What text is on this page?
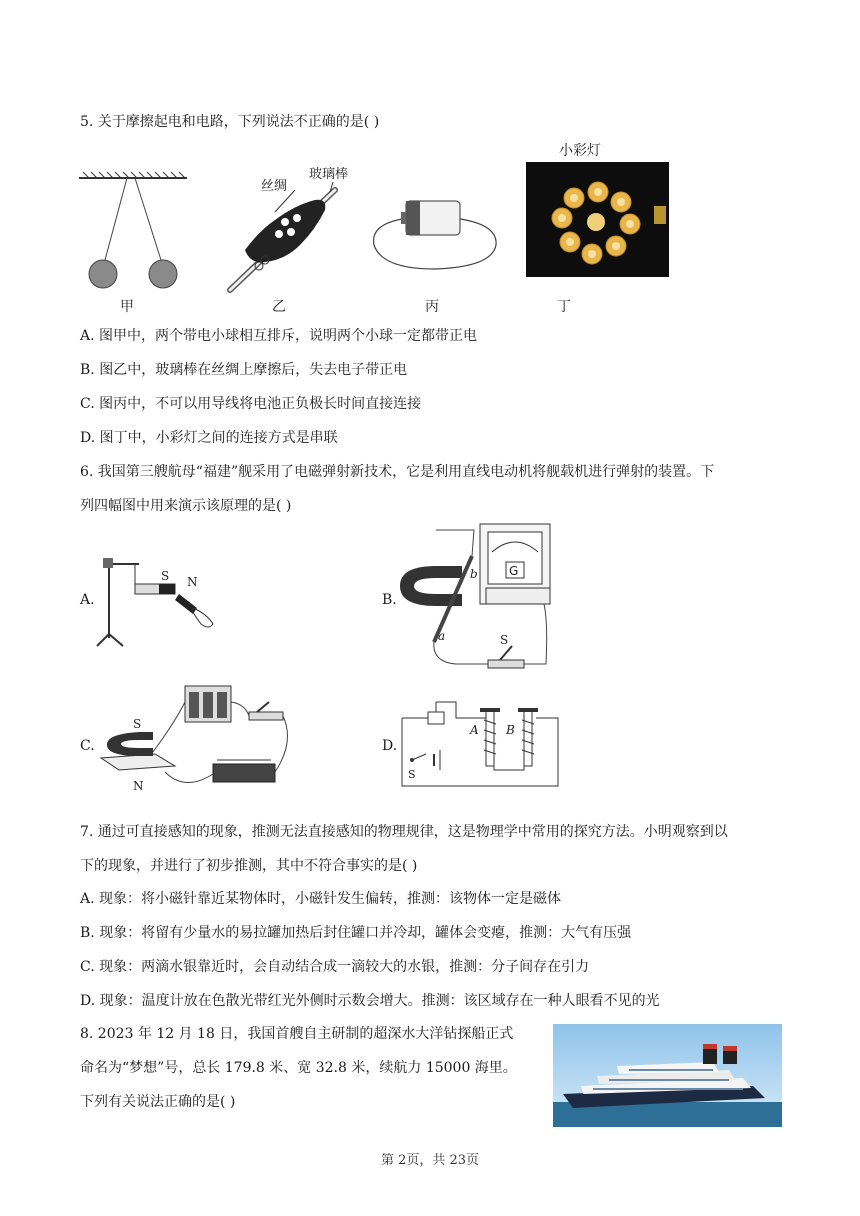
5. 关于摩擦起电和电路，下列说法不正确的是( )
甲
丝绸
玻璃棒
乙	丙
小彩灯
丁
A. 图甲中，两个带电小球相互排斥，说明两个小球一定都带正电
B. 图乙中，玻璃棒在丝绸上摩擦后，失去电子带正电
C. 图丙中，不可以用导线将电池正负极长时间直接连接
D. 图丁中，小彩灯之间的连接方式是串联
6. 我国第三艘航母“福建”舰采用了电磁弹射新技术，它是利用直线电动机将舰载机进行弹射的装置。下
列四幅图中用来演示该原理的是( )
A.
S N
B.
G
a
b
S
C.
S
N
D.
A B
S
7. 通过可直接感知的现象，推测无法直接感知的物理规律，这是物理学中常用的探究方法。小明观察到以
下的现象，并进行了初步推测，其中不符合事实的是( )
A. 现象：将小磁针靠近某物体时，小磁针发生偏转，推测：该物体一定是磁体
B. 现象：将留有少量水的易拉罐加热后封住罐口并冷却，罐体会变瘪，推测：大气有压强
C. 现象：两滴水银靠近时，会自动结合成一滴较大的水银，推测：分子间存在引力
D. 现象：温度计放在色散光带红光外侧时示数会增大。推测：该区域存在一种人眼看不见的光
8. 2023 年 12 月 18 日，我国首艘自主研制的超深水大洋钻探船正式
命名为“梦想”号，总长 179.8 米、宽 32.8 米，续航力 15000 海里。
下列有关说法正确的是( )
第 2页，共 23页
